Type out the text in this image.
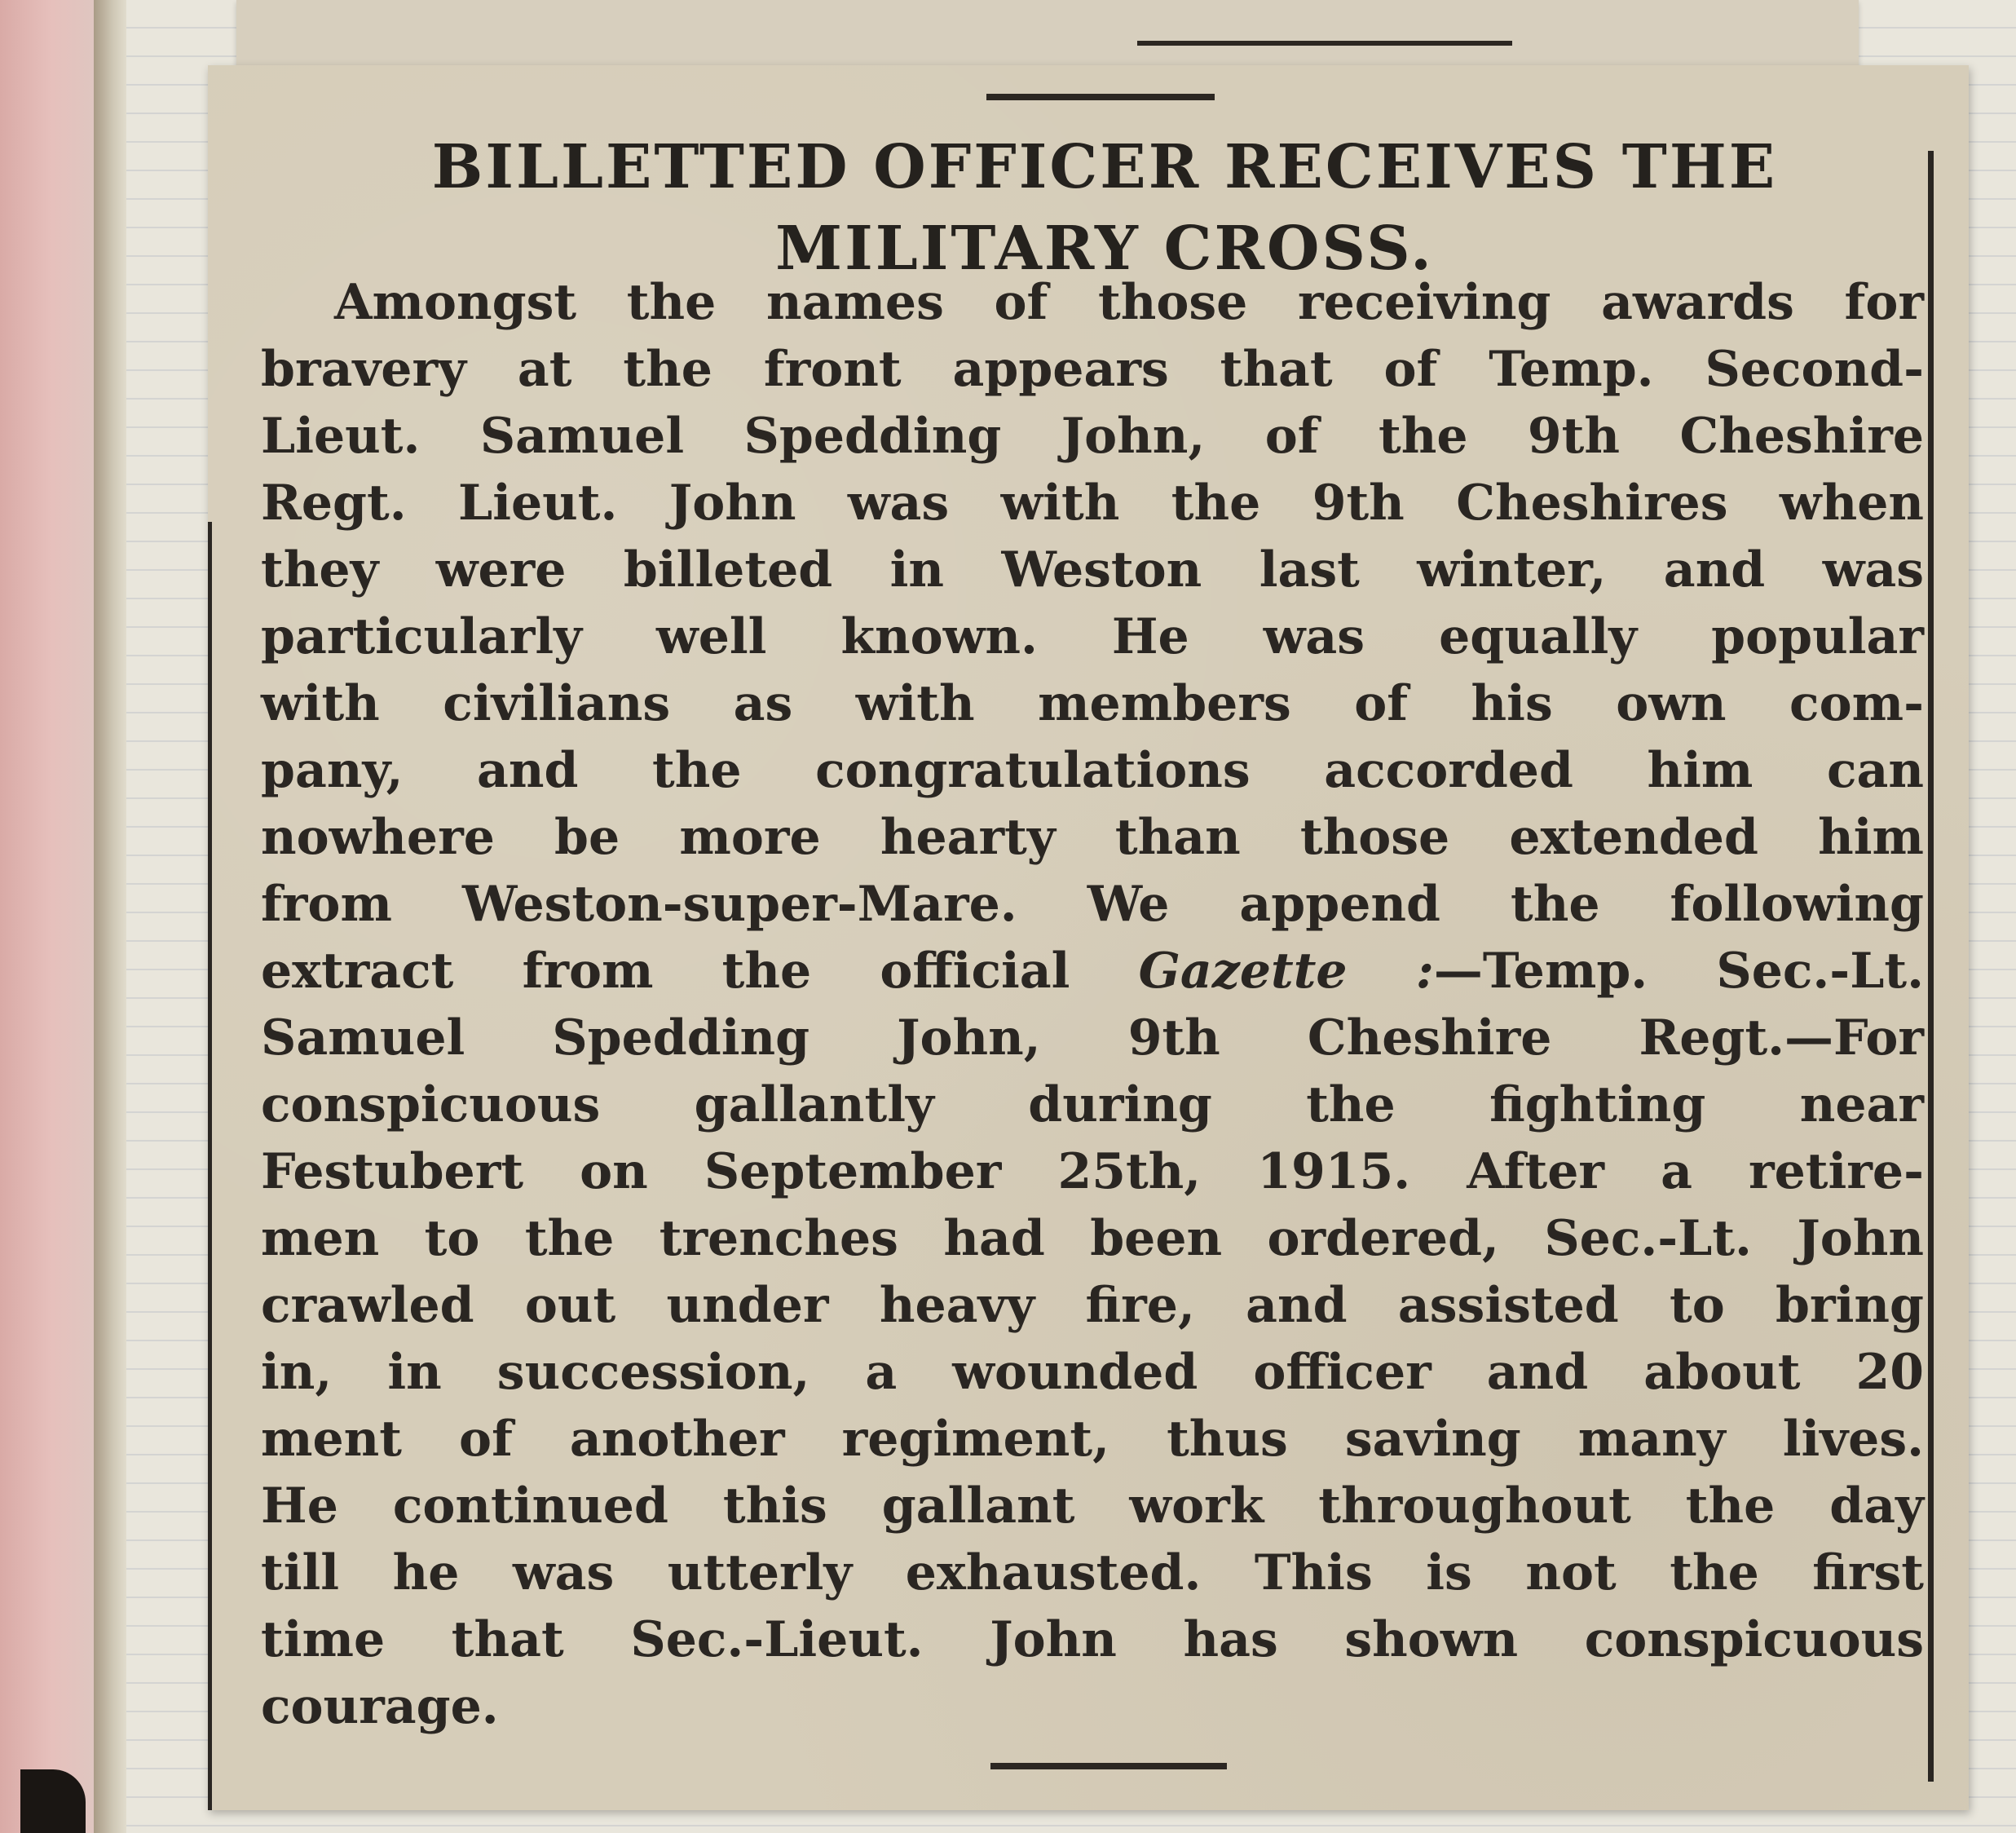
BILLETTED OFFICER RECEIVES THE
MILITARY CROSS.
Amongst the names of those receiving awards for
bravery at the front appears that of Temp. Second-
Lieut. Samuel Spedding John, of the 9th Cheshire
Regt. Lieut. John was with the 9th Cheshires when
they were billeted in Weston last winter, and was
particularly well known. He was equally popular
with civilians as with members of his own com-
pany, and the congratulations accorded him can
nowhere be more hearty than those extended him
from Weston-super-Mare. We append the following
extract from the official Gazette :—Temp. Sec.-Lt.
Samuel Spedding John, 9th Cheshire Regt.—For
conspicuous gallantly during the fighting near
Festubert on September 25th, 1915. After a retire-
men to the trenches had been ordered, Sec.-Lt. John
crawled out under heavy fire, and assisted to bring
in, in succession, a wounded officer and about 20
ment of another regiment, thus saving many lives.
He continued this gallant work throughout the day
till he was utterly exhausted. This is not the first
time that Sec.-Lieut. John has shown conspicuous
courage.
